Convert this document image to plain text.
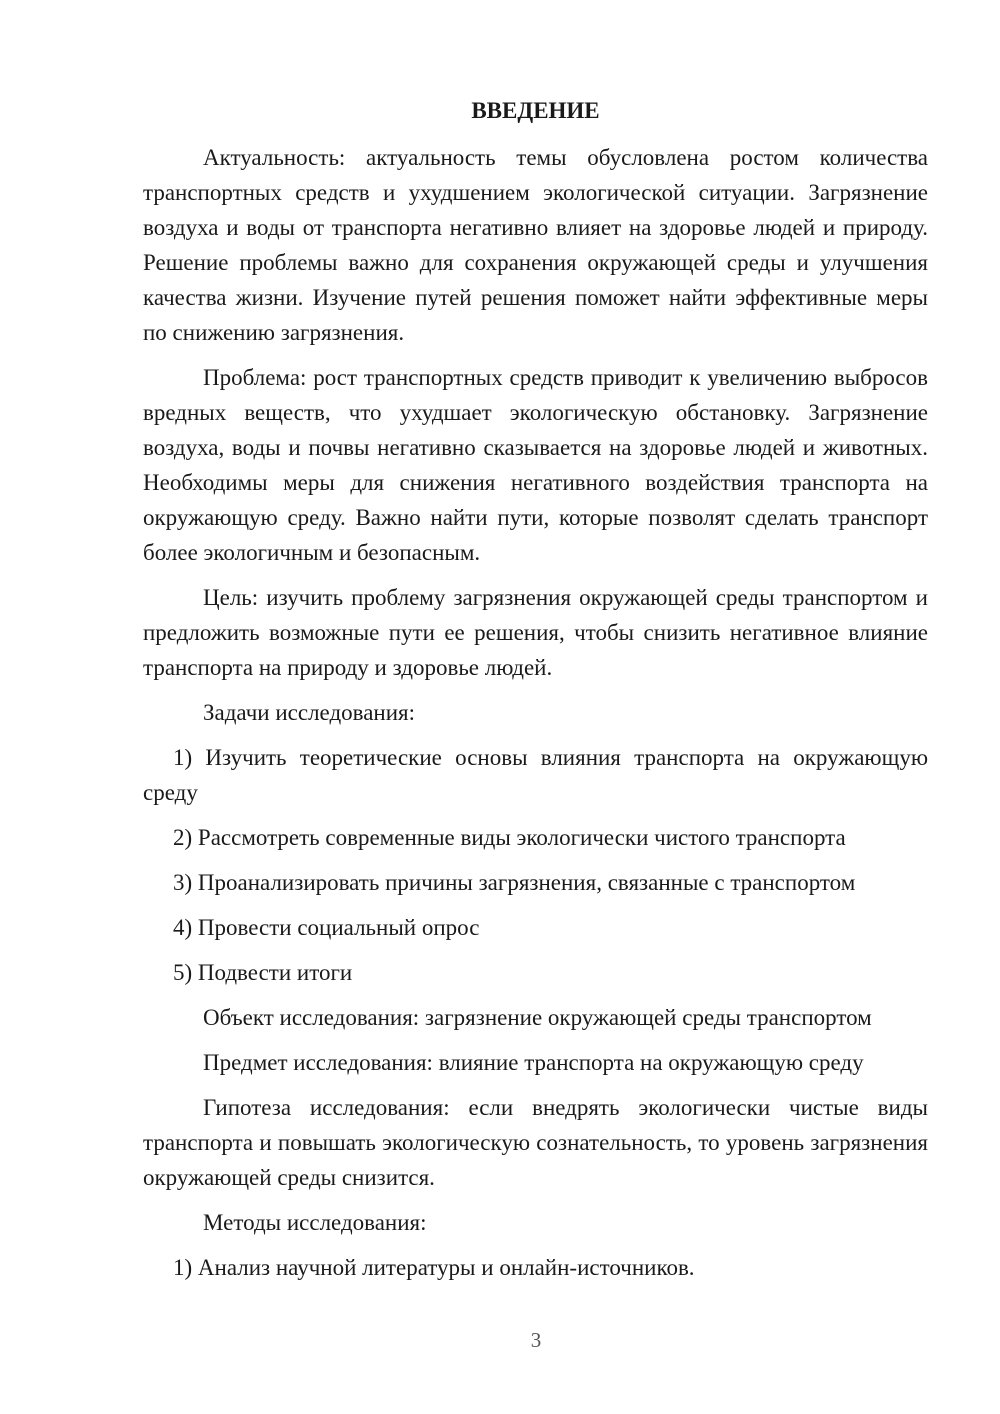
ВВЕДЕНИЕ

Актуальность: актуальность темы обусловлена ростом количества транспортных средств и ухудшением экологической ситуации. Загрязнение воздуха и воды от транспорта негативно влияет на здоровье людей и природу. Решение проблемы важно для сохранения окружающей среды и улучшения качества жизни. Изучение путей решения поможет найти эффективные меры по снижению загрязнения.

Проблема: рост транспортных средств приводит к увеличению выбросов вредных веществ, что ухудшает экологическую обстановку. Загрязнение воздуха, воды и почвы негативно сказывается на здоровье людей и животных. Необходимы меры для снижения негативного воздействия транспорта на окружающую среду. Важно найти пути, которые позволят сделать транспорт более экологичным и безопасным.

Цель: изучить проблему загрязнения окружающей среды транспортом и предложить возможные пути ее решения, чтобы снизить негативное влияние транспорта на природу и здоровье людей.

Задачи исследования:

1) Изучить теоретические основы влияния транспорта на окружающую среду

2) Рассмотреть современные виды экологически чистого транспорта

3) Проанализировать причины загрязнения, связанные с транспортом

4) Провести социальный опрос

5) Подвести итоги

Объект исследования: загрязнение окружающей среды транспортом

Предмет исследования: влияние транспорта на окружающую среду

Гипотеза исследования: если внедрять экологически чистые виды транспорта и повышать экологическую сознательность, то уровень загрязнения окружающей среды снизится.

Методы исследования:

1) Анализ научной литературы и онлайн-источников.

3
